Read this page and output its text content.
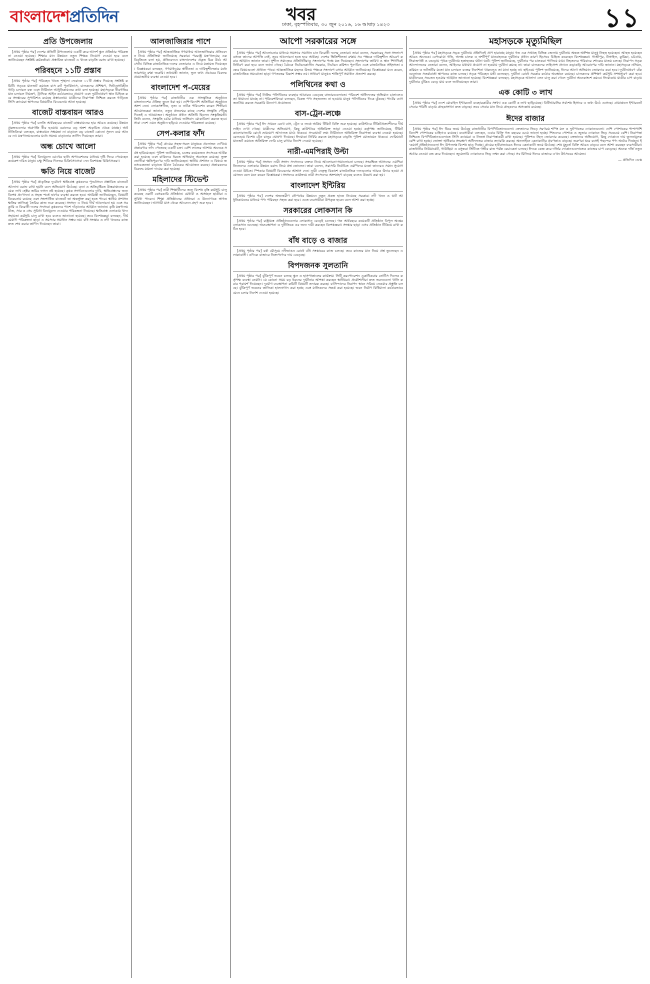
বাংলাদেশপ্রতিদিন	খবর
ঢাকা, বৃহস্পতিবার, ৩০ জুন ২০১৬, ১৬ আষাঢ় ১৪২৩	১১
প্রতি উপজেলায়

[প্রথম পৃষ্ঠার পর] দেশের প্রতিটি উপজেলায় একটি করে আদর্শ স্কুল প্রতিষ্ঠার পরিকল্পনা নেওয়া হয়েছে। শিক্ষার মান উন্নয়নে নতুন শিক্ষক নিয়োগ দেওয়া হবে বলে জানিয়েছেন সংশ্লিষ্ট কর্মকর্তারা। প্রস্তাবিত বাজেটে এ খাতে বাড়তি বরাদ্দ রাখা হয়েছে।

পরিবহনে ১১টি প্রস্তাব

[প্রথম পৃষ্ঠার পর] পরিবহন খাতে শৃঙ্খলা ফেরাতে ১১টি প্রস্তাব দিয়েছে সংশ্লিষ্ট কমিটি। সড়কে যানজট কমাতে বাস রুট পুনর্বিন্যাস, চালকদের প্রশিক্ষণ, ফিটনেসবিহীন গাড়ি চলাচল বন্ধ এবং টার্মিনাল আধুনিকায়নের কথা বলা হয়েছে। মহাসড়কে ধীরগতির যান চলাচল নিয়ন্ত্রণ, ট্রাফিক আইন কঠোরভাবে প্রয়োগ এবং দুর্ঘটনাপ্রবণ স্থান চিহ্নিত করে সংস্কারের সুপারিশও রয়েছে প্রস্তাবনায়। যাত্রীদের নিরাপত্তা নিশ্চিত করতে গাড়িতে সিসি ক্যামেরা স্থাপনের বিষয়টিও বিবেচনায় আনা হয়েছে।

বাজেট বাস্তবায়ন আরও

[প্রথম পৃষ্ঠার পর] চলতি অর্থবছরের বাজেট বাস্তবায়নের হার আরও কমেছে। উন্নয়ন প্রকল্পগুলোর অগ্রগতি ধীর হওয়ায় বরাদ্দের বড় অংশ অব্যয়িত থেকে যাচ্ছে। অর্থনীতিবিদরা বলছেন, বাস্তবায়ন সক্ষমতা না বাড়ালে বড় বাজেট কোনো সুফল বয়ে আনবে না। মন্ত্রণালয়গুলোর মধ্যে সমন্বয় বাড়ানোর তাগিদ দিয়েছেন তারা।

অন্ধ চোখে আলো

[প্রথম পৃষ্ঠার পর] বিনামূল্যে চোখের ছানি অপারেশনের মাধ্যমে দৃষ্টি ফিরে পেয়েছেন কয়েকশ দরিদ্র মানুষ। চক্ষু শিবিরে দিনভর চিকিৎসাসেবা দেন বিশেষজ্ঞ চিকিৎসকরা।

ক্ষতি নিয়ে বাজেট

[প্রথম পৃষ্ঠার পর] প্রাকৃতিক দুর্যোগে ক্ষতিগ্রস্ত কৃষকদের পুনর্বাসনে প্রস্তাবিত বাজেটে আলাদা বরাদ্দ রাখা হয়নি বলে অভিযোগ উঠেছে। বন্যা ও অতিবৃষ্টিতে উত্তরাঞ্চলের কয়েক লাখ হেক্টর জমির ফসল নষ্ট হয়েছে। কৃষক সংগঠনগুলোর দাবি, ক্ষতিগ্রস্তদের জন্য বিশেষ প্রণোদনা ও সহজ শর্তে ঋণের ব্যবস্থা করতে হবে। অর্থমন্ত্রী জানিয়েছেন, বিষয়টি বিবেচনায় রয়েছে এবং সংশোধিত বাজেটে তা অন্তর্ভুক্ত করা হতে পারে। স্থানীয় প্রশাসন ক্ষতির তালিকা তৈরির কাজ শুরু করেছে। সংসদে এ নিয়ে দীর্ঘ আলোচনা হয় এবং সরকারি ও বিরোধী দলের সদস্যরা কৃষকদের পাশে দাঁড়ানোর আহ্বান জানান। কৃষি মন্ত্রণালয় বীজ, সার ও সেচ সুবিধা বিনামূল্যে দেওয়ার পরিকল্পনা নিয়েছে। ক্ষতিগ্রস্ত এলাকায় খাদ্য সহায়তা কর্মসূচি চালু রাখা হবে বলেও জানানো হয়েছে। তবে বিশেষজ্ঞরা বলছেন, দীর্ঘমেয়াদি পরিকল্পনা ছাড়া এ সমস্যার সমাধান সম্ভব নয়। বাঁধ সংস্কার ও নদী খননের কাজ দ্রুত শেষ করার তাগিদ দিয়েছেন তারা।

আলজাজিরার পাশে

[প্রথম পৃষ্ঠার পর] আন্তর্জাতিক গণমাধ্যম আলজাজিরার প্রতিবেদন নিয়ে প্রতিক্রিয়া জানিয়েছে সরকার। পররাষ্ট্র মন্ত্রণালয়ের এক বিবৃতিতে বলা হয়, প্রতিবেদনে বাংলাদেশের প্রকৃত চিত্র উঠে আসেনি। বিভিন্ন রাজনৈতিক দলের নেতারাও এ নিয়ে মতামত দিয়েছেন। বিশ্লেষকরা বলছেন, গণমাধ্যমের স্বাধীনতা ও দায়িত্বশীলতার মধ্যে ভারসাম্য রক্ষা জরুরি। তথ্যমন্ত্রী জানান, ভুল তথ্য প্রচারের বিরুদ্ধে প্রয়োজনীয় ব্যবস্থা নেওয়া হবে।

বাংলাদেশ প-মেয়ের

[প্রথম পৃষ্ঠার পর] রাজধানীর এক সাংস্কৃতিক অনুষ্ঠানে বাংলাদেশের ঐতিহ্য তুলে ধরা হয়। দেশি-বিদেশি অতিথিরা অনুষ্ঠানে অংশ নেন। লোকসংগীত, নৃত্য ও নাটক পরিবেশন করেন শিল্পীরা। আয়োজকরা জানান, নতুন প্রজন্মের কাছে দেশের সংস্কৃতি পৌঁছে দিতেই এ আয়োজন। অনুষ্ঠানে প্রধান অতিথি ছিলেন সংস্কৃতিমন্ত্রী। তিনি বলেন, সংস্কৃতি চর্চার মাধ্যমে জঙ্গিবাদ মোকাবিলা করতে হবে। সারা দেশে এমন অনুষ্ঠান ছড়িয়ে দেওয়ার পরিকল্পনা রয়েছে।

সেপ-কলার ফাঁদ

[প্রথম পৃষ্ঠার পর] গ্রামের সহজ-সরল মানুষকে প্রলোভন দেখিয়ে প্রতারণার ফাঁদ পেতেছে একটি চক্র। বেশি লাভের আশায় অনেকে সর্বস্ব হারিয়েছেন। পুলিশ জানিয়েছে, চক্রের কয়েকজন সদস্যকে আটক করা হয়েছে এবং বাকিদের ধরতে অভিযান অব্যাহত রয়েছে। ভুক্তভোগীরা ক্ষতিপূরণের দাবি জানিয়েছেন। স্থানীয় প্রশাসন এ বিষয়ে জনসচেতনতা বাড়াতে উঠান বৈঠকের আয়োজন করছে। প্রতারকদের বিরুদ্ধে মামলা দায়ের করা হয়েছে।

মহিলাদের স্টিভেন্ট

[প্রথম পৃষ্ঠার পর] নারী শিক্ষার্থীদের জন্য বিশেষ বৃত্তি কর্মসূচি চালু করেছে একটি বেসরকারি প্রতিষ্ঠান। মেধাবী ও অসচ্ছল ছাত্রীরা এ সুবিধা পাবেন। শিক্ষা প্রতিষ্ঠানের প্রধানরা এ উদ্যোগকে স্বাগত জানিয়েছেন। আগামী মাস থেকে আবেদন গ্রহণ শুরু হবে।

আপো সরকারের সঙ্গে

[প্রথম পৃষ্ঠার পর] আলোচনার মাধ্যমে সমস্যার সমাধান চান বিরোধী দলের নেতারা। তারা বলেন, সরকারের সঙ্গে সংলাপে বসতে তাদের আপত্তি নেই, তবে আলোচনা হতে হবে অর্থবহ। দেশের স্থিতিশীলতা রক্ষায় সব পক্ষকে দায়িত্বশীল আচরণ করার আহ্বান জানান তারা। সুশীল সমাজের প্রতিনিধিরাও সংলাপের পক্ষে মত দিয়েছেন। সংলাপের তারিখ ও স্থান শিগগিরই নির্ধারণ করা হবে বলে জানা গেছে। বৈঠকে নির্বাচনকালীন সরকার, নির্বাচন কমিশন পুনর্গঠন এবং রাজনৈতিক সহিংসতা বন্ধের বিষয়গুলো প্রাধান্য পাবে। আন্তর্জাতিক মহলও উভয় পক্ষকে সংলাপে বসার আহ্বান জানিয়েছে। বিশ্লেষকরা মনে করেন, রাজনৈতিক সমঝোতা ছাড়া গণতন্ত্রের বিকাশ সম্ভব নয়। সাধারণ মানুষও শান্তিপূর্ণ সমাধান প্রত্যাশা করছে।

পলিথিনের কথা ও

[প্রথম পৃষ্ঠার পর] নিষিদ্ধ পলিথিনের ব্যবহার আবারও বেড়েছে বাজারগুলোতে। পরিবেশ অধিদফতর অভিযান চালালেও তা থামানো যাচ্ছে না। পরিবেশবিদরা বলছেন, বিকল্প পণ্য সহজলভ্য না হওয়ায় মানুষ পলিথিনের দিকে ঝুঁকছে। পাটের ব্যাগ জনপ্রিয় করতে সরকারি উদ্যোগ প্রয়োজন।

বাস-ট্রেন-লঞ্চে

[প্রথম পৃষ্ঠার পর] ঈদ সামনে রেখে বাস, ট্রেন ও লঞ্চে অগ্রিম টিকিট বিক্রি শুরু হয়েছে। কাউন্টারে টিকিটপ্রত্যাশীদের দীর্ঘ লাইন দেখা গেছে। যাত্রীদের অভিযোগ, কিছু কাউন্টারে অতিরিক্ত ভাড়া নেওয়া হচ্ছে। কর্তৃপক্ষ জানিয়েছে, টিকিট কালোবাজারি রোধে ভ্রাম্যমাণ আদালত মাঠে থাকবে। সদরঘাটে লঞ্চ টার্মিনালে অতিরিক্ত নিরাপত্তা ব্যবস্থা নেওয়া হয়েছে। রেলওয়ে বিশেষ ট্রেন চালুর ঘোষণা দিয়েছে। ঈদযাত্রা নির্বিঘ্ন করতে মহাসড়কে বাড়তি পুলিশ মোতায়েন থাকবে। ফেরিঘাটে যানজট কমাতে অতিরিক্ত ফেরি চালু রাখার নির্দেশ দেওয়া হয়েছে।

নারী-এমপিরাই উল্টা

[প্রথম পৃষ্ঠার পর] সংসদে নারী সংসদ সদস্যদের বক্তব্য নিয়ে আলোচনা-সমালোচনা চলছে। সংরক্ষিত আসনের এমপিরা নিজেদের এলাকার উন্নয়ন বরাদ্দ নিয়ে প্রশ্ন তোলেন। তারা বলেন, সরাসরি নির্বাচিত এমপিদের মতো তাদেরও সমান সুযোগ দেওয়া উচিত। স্পিকার বিষয়টি বিবেচনার আশ্বাস দেন। নারী নেতৃত্ব বিকাশে রাজনৈতিক দলগুলোর আরও উদার হওয়া প্রয়োজন বলে মনে করেন বিশ্লেষকরা। সংসদের কার্যক্রমে নারী সদস্যদের অংশগ্রহণ বাড়ছে বলেও উল্লেখ করা হয়।

বাংলাদেশ ইন্টিরিয়

[প্রথম পৃষ্ঠার পর] দেশের অভ্যন্তরীণ নৌপথের উন্নয়নে নতুন প্রকল্প হাতে নিয়েছে সরকার। নদী খনন ও ঘাট আধুনিকায়নের মাধ্যমে পণ্য পরিবহন সহজ করা হবে। এতে ব্যবসায়ীরা উপকৃত হবেন বলে আশা করা হচ্ছে।

সরকারের লোকসান কি

[প্রথম পৃষ্ঠার পর] রাষ্ট্রায়ত্ত প্রতিষ্ঠানগুলোর লোকসান বেড়েই চলেছে। গত অর্থবছরে কয়েকটি প্রতিষ্ঠান বিপুল অঙ্কের লোকসান গুনেছে। অব্যবস্থাপনা ও দুর্নীতিকে এর জন্য দায়ী করছেন বিশেষজ্ঞরা। সংস্কার ছাড়া এসব প্রতিষ্ঠান টিকিয়ে রাখা কঠিন হবে।

বাঁধ বাড়ে ও বাজার

[প্রথম পৃষ্ঠার পর] বর্ষা মৌসুমে নদীভাঙন রোধে বাঁধ সংস্কারের কাজ চলছে। তবে কাজের মান নিয়ে প্রশ্ন তুলেছেন এলাকাবাসী। এদিকে বাজারে নিত্যপণ্যের দাম বেড়েছে।

বিপদজনক সুলতানি

[প্রথম পৃষ্ঠার পর] ঝুঁকিপূর্ণ ভবনে চলছে স্কুল ও হাসপাতালের কার্যক্রম। সিটি করপোরেশন একাধিকবার নোটিস দিলেও কর্তৃপক্ষ ব্যবস্থা নেয়নি। যে কোনো সময় বড় ধরনের দুর্ঘটনার আশঙ্কা করছেন স্থানীয়রা। প্রকৌশলীরা দ্রুত ভবনগুলো খালি করার পরামর্শ দিয়েছেন। দুর্যোগ ব্যবস্থাপনা কমিটি বিষয়টি তদারক করছে। বাসিন্দাদের নিরাপদ স্থানে সরিয়ে নেওয়ার প্রস্তুতি চলছে। ঝুঁকিপূর্ণ ভবনের তালিকা হালনাগাদ করা হচ্ছে এবং মালিকদের সতর্ক করা হয়েছে। ভবন নির্মাণ বিধিমালা কঠোরভাবে মেনে চলার নির্দেশ দেওয়া হয়েছে।

মহাসড়কে মৃত্যুমিছিল

[প্রথম পৃষ্ঠার পর] মহাসড়কে সড়ক দুর্ঘটনায় প্রতিদিনই প্রাণ হারাচ্ছে মানুষ। গত এক সপ্তাহে বিভিন্ন জেলায় দুর্ঘটনায় অন্তত অর্ধশত মানুষ নিহত হয়েছেন। আহত হয়েছেন আরও অনেকে। বেপরোয়া গতি, অদক্ষ চালক ও ত্রুটিপূর্ণ যানবাহনকে দুর্ঘটনার প্রধান কারণ হিসেবে চিহ্নিত করেছেন বিশেষজ্ঞরা। গাজীপুর, টাঙ্গাইল, কুমিল্লা, চট্টগ্রাম, সিরাজগঞ্জ ও বগুড়ায় পৃথক দুর্ঘটনায় হতাহতের ঘটনা ঘটে। পুলিশ জানিয়েছে, দুর্ঘটনার পর চালকরা পালিয়ে যায়। নিহতদের পরিবারে শোকের মাতম চলছে। নিরাপদ সড়ক আন্দোলনের নেতারা বলেন, আইনের যথাযথ প্রয়োগ না হওয়ায় দুর্ঘটনা কমছে না। তারা চালকদের লাইসেন্স প্রদানে কড়াকড়ি আরোপের দাবি জানান। মহাসড়কে নসিমন, করিমন ও ভটভটির মতো যান চলাচল বন্ধের নির্দেশনা থাকলেও তা মানা হচ্ছে না। হাইওয়ে পুলিশ জানিয়েছে, ঈদের আগে অভিযান জোরদার করা হবে। দুর্ঘটনাপ্রবণ বাঁকগুলোতে সতর্কবার্তা স্থাপনের কাজ চলছে। সড়ক পরিবহন মন্ত্রী বলেছেন, দুর্ঘটনা রোধে সরকার কঠোর অবস্থানে রয়েছে। চালকদের প্রশিক্ষণ কর্মসূচি সম্প্রসারণ করা হবে। যাত্রীদেরও সচেতন হওয়ার আহ্বান জানানো হয়েছে। বিশেষজ্ঞরা বলছেন, মহাসড়কে আলাদা লেন চালু করা গেলে দুর্ঘটনা অনেকাংশে কমবে। ঈদযাত্রায় যাত্রীর চাপ বাড়ায় দুর্ঘটনার ঝুঁকিও বেড়ে যায় বলে জানিয়েছেন তারা।

এক কোটি ৩ লাখ

[প্রথম পৃষ্ঠার পর] দেশে মোবাইল ইন্টারনেট ব্যবহারকারীর সংখ্যা এক কোটি ৩ লাখ ছাড়িয়েছে। বিটিআরসির সর্বশেষ হিসাবে এ তথ্য উঠে এসেছে। গ্রামাঞ্চলে ইন্টারনেট সেবার পরিধি বাড়ায় গ্রাহকসংখ্যা দ্রুত বাড়ছে। তবে সেবার মান নিয়ে গ্রাহকদের অসন্তোষ রয়েছে।

ঈদের বাজার

[প্রথম পৃষ্ঠার পর] ঈদ ঘিরে জমে উঠেছে রাজধানীর বিপণিবিতানগুলো। ক্রেতাদের ভিড়ে সরগরম শপিং মল ও ফুটপাতের দোকানগুলো। দেশি পোশাকের পাশাপাশি বিদেশি পোশাকের চাহিদাও রয়েছে। ব্যবসায়ীরা বলছেন, এবার বিক্রি গত বছরের চেয়ে ভালো হচ্ছে। শিশুদের পোশাক ও জুতার দোকানে ভিড় সবচেয়ে বেশি। নিরাপত্তা নিশ্চিতে বিপণিবিতানগুলোতে সিসি ক্যামেরা ও নিজস্ব নিরাপত্তাকর্মী রাখা হয়েছে। পুলিশও টহল জোরদার করেছে। ক্রেতাদের অভিযোগ, কিছু দোকানে দাম তুলনামূলক বেশি রাখা হচ্ছে। ভোক্তা অধিকার সংরক্ষণ অধিদফতর বাজার তদারকি করছে। অনলাইনে কেনাকাটার প্রবণতাও বাড়ছে। তরুণরা ঘরে বসেই পছন্দের পণ্য অর্ডার দিচ্ছেন। ই-কমার্স প্রতিষ্ঠানগুলো ঈদ উপলক্ষে বিশেষ ছাড় দিচ্ছে। গ্রামের হাটবাজারেও ঈদের কেনাকাটা জমে উঠেছে। শেষ মুহূর্তে বিক্রি আরও বাড়বে বলে আশা করছেন ব্যবসায়ীরা। রাজধানীর নিউমার্কেট, গাউছিয়া ও বসুন্ধরা সিটিতে গভীর রাত পর্যন্ত বেচাকেনা চলছে। ঈদকে কেন্দ্র করে দর্জির দোকানগুলোতেও কাজের চাপ বেড়েছে। অনেক দর্জি নতুন অর্ডার নেওয়া বন্ধ করে দিয়েছেন। জুয়েলারি দোকানেও ভিড় লক্ষ্য করা গেছে। সব মিলিয়ে ঈদের বাজারে এখন উৎসবের আমেজ।

— প্রতিদিন ডেস্ক
